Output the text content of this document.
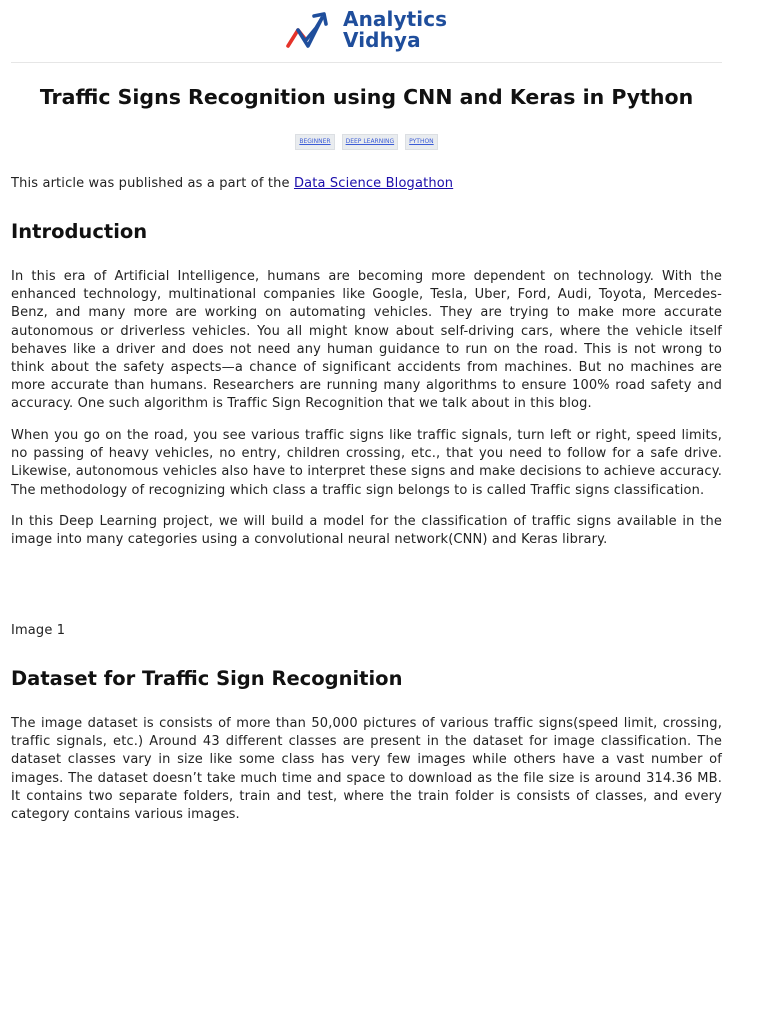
Analytics
Vidhya
Traffic Signs Recognition using CNN and Keras in Python
BEGINNER	DEEP LEARNING	PYTHON

This article was published as a part of the Data Science Blogathon

Introduction

In this era of Artificial Intelligence, humans are becoming more dependent on technology. With the enhanced technology, multinational companies like Google, Tesla, Uber, Ford, Audi, Toyota, Mercedes-Benz, and many more are working on automating vehicles. They are trying to make more accurate autonomous or driverless vehicles. You all might know about self-driving cars, where the vehicle itself behaves like a driver and does not need any human guidance to run on the road. This is not wrong to think about the safety aspects—a chance of significant accidents from machines. But no machines are more accurate than humans. Researchers are running many algorithms to ensure 100% road safety and accuracy. One such algorithm is Traffic Sign Recognition that we talk about in this blog.

When you go on the road, you see various traffic signs like traffic signals, turn left or right, speed limits, no passing of heavy vehicles, no entry, children crossing, etc., that you need to follow for a safe drive. Likewise, autonomous vehicles also have to interpret these signs and make decisions to achieve accuracy. The methodology of recognizing which class a traffic sign belongs to is called Traffic signs classification.

In this Deep Learning project, we will build a model for the classification of traffic signs available in the image into many categories using a convolutional neural network(CNN) and Keras library.

Image 1

Dataset for Traffic Sign Recognition

The image dataset is consists of more than 50,000 pictures of various traffic signs(speed limit, crossing, traffic signals, etc.) Around 43 different classes are present in the dataset for image classification. The dataset classes vary in size like some class has very few images while others have a vast number of images. The dataset doesn’t take much time and space to download as the file size is around 314.36 MB. It contains two separate folders, train and test, where the train folder is consists of classes, and every category contains various images.
